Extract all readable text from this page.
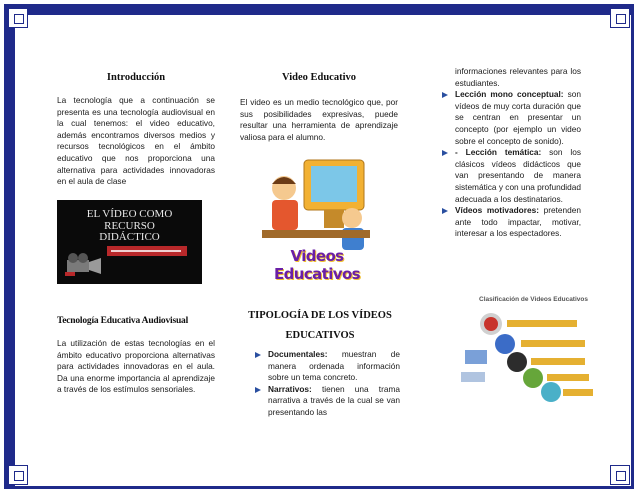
Introducción

La tecnología que a continuación se presenta es una tecnología audiovisual en la cual tenemos: el video educativo, además encontramos diversos medios y recursos tecnológicos en el ámbito educativo que nos proporciona una alternativa para actividades innovadoras en el aula de clase

EL VÍDEO COMO
RECURSO
DIDÁCTICO
Tecnología Educativa Audiovisual

La utilización de estas tecnologías en el ámbito educativo proporciona alternativas para actividades innovadoras en el aula. Da una enorme importancia al aprendizaje a través de los estímulos sensoriales.

Video Educativo

El video es un medio tecnológico que, por sus posibilidades expresivas, puede resultar una herramienta de aprendizaje valiosa para el alumno.

Videos Educativos
TIPOLOGÍA DE LOS VÍDEOS
EDUCATIVOS
Documentales: muestran de manera ordenada información sobre un tema concreto.
Narrativos: tienen una trama narrativa a través de la cual se van presentando las

informaciones relevantes para los estudiantes.

Lección mono conceptual: son vídeos de muy corta duración que se centran en presentar un concepto (por ejemplo un video sobre el concepto de sonido).
- Lección temática: son los clásicos vídeos didácticos que van presentando de manera sistemática y con una profundidad adecuada a los destinatarios.
Vídeos motivadores: pretenden ante todo impactar, motivar, interesar a los espectadores.
Clasificación de Videos Educativos
